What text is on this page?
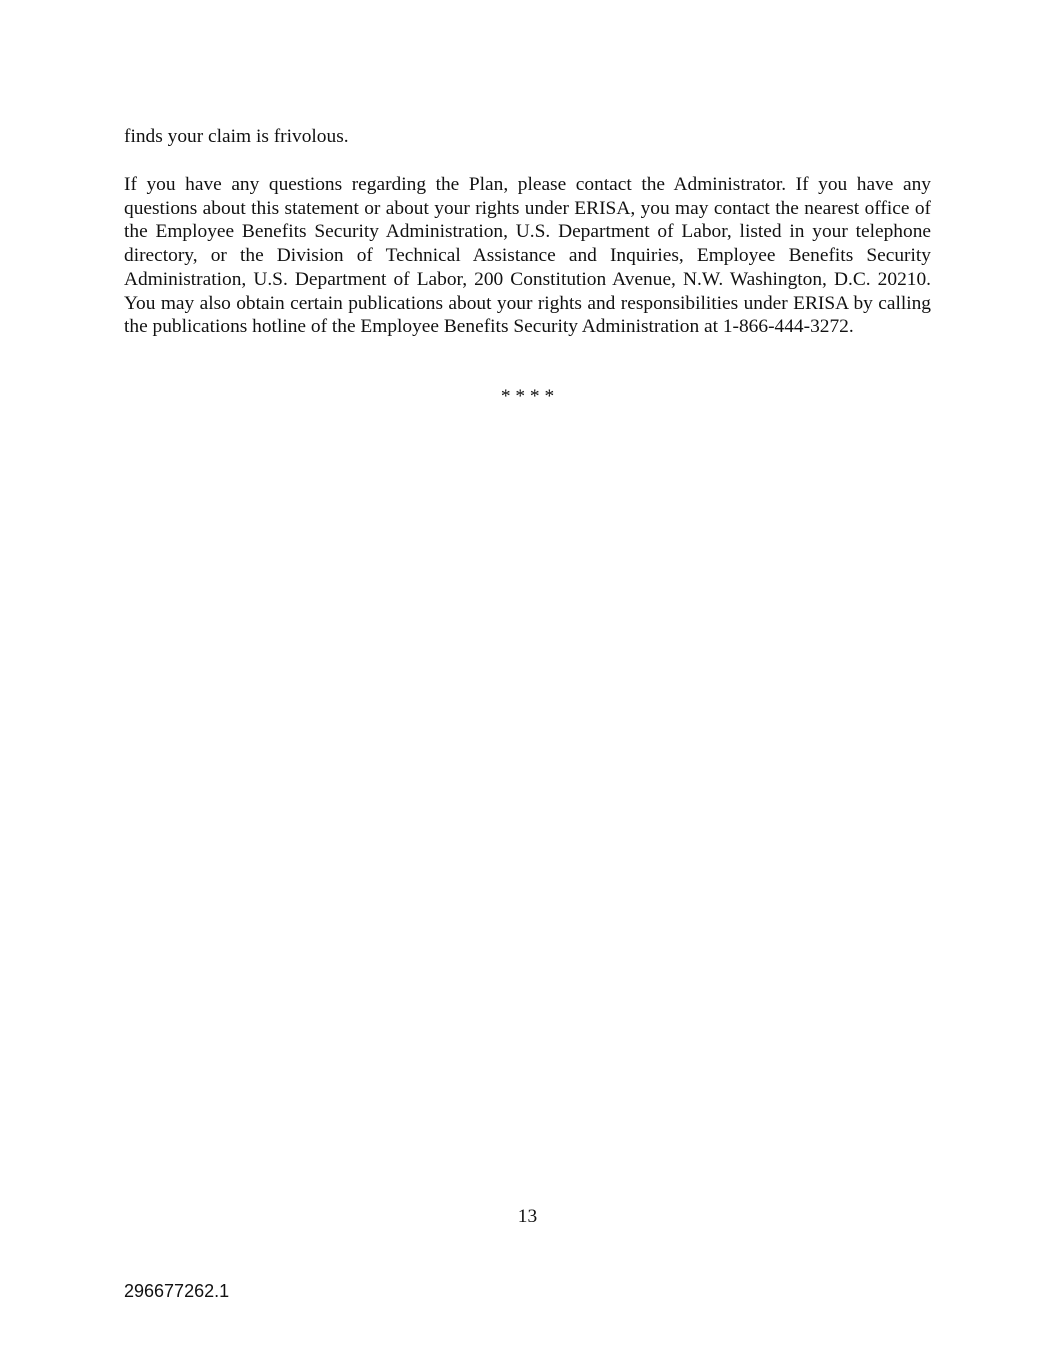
finds your claim is frivolous.

If you have any questions regarding the Plan, please contact the Administrator. If you have any questions about this statement or about your rights under ERISA, you may contact the nearest office of the Employee Benefits Security Administration, U.S. Department of Labor, listed in your telephone directory, or the Division of Technical Assistance and Inquiries, Employee Benefits Security Administration, U.S. Department of Labor, 200 Constitution Avenue, N.W. Washington, D.C. 20210. You may also obtain certain publications about your rights and responsibilities under ERISA by calling the publications hotline of the Employee Benefits Security Administration at 1-866-444-3272.

* * * *
13
296677262.1
